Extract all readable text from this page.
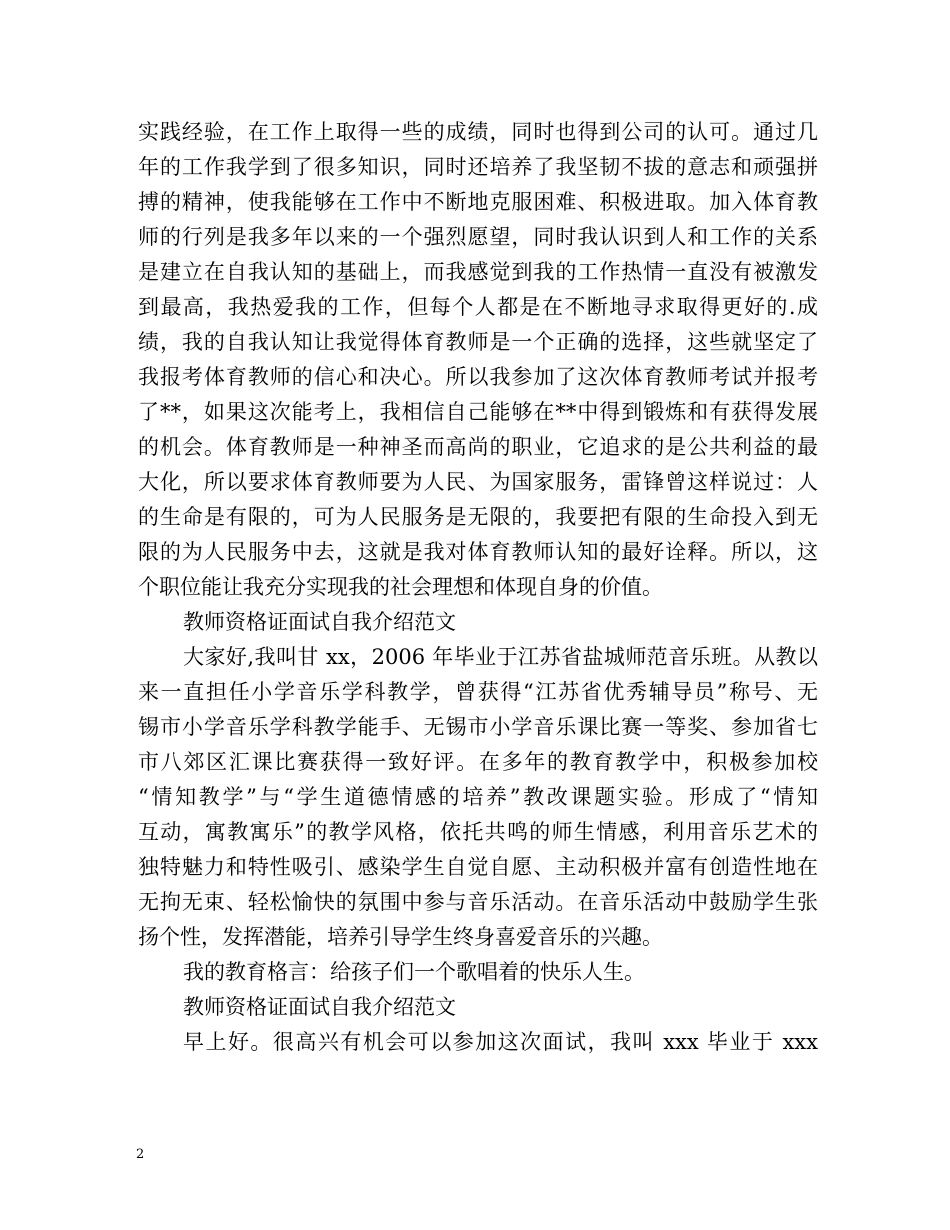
实践经验，在工作上取得一些的成绩，同时也得到公司的认可。通过几
年的工作我学到了很多知识，同时还培养了我坚韧不拔的意志和顽强拼
搏的精神，使我能够在工作中不断地克服困难、积极进取。加入体育教
师的行列是我多年以来的一个强烈愿望，同时我认识到人和工作的关系
是建立在自我认知的基础上，而我感觉到我的工作热情一直没有被激发
到最高，我热爱我的工作，但每个人都是在不断地寻求取得更好的.成
绩，我的自我认知让我觉得体育教师是一个正确的选择，这些就坚定了
我报考体育教师的信心和决心。所以我参加了这次体育教师考试并报考
了**，如果这次能考上，我相信自己能够在**中得到锻炼和有获得发展
的机会。体育教师是一种神圣而高尚的职业，它追求的是公共利益的最
大化，所以要求体育教师要为人民、为国家服务，雷锋曾这样说过：人
的生命是有限的，可为人民服务是无限的，我要把有限的生命投入到无
限的为人民服务中去，这就是我对体育教师认知的最好诠释。所以，这
个职位能让我充分实现我的社会理想和体现自身的价值。
教师资格证面试自我介绍范文
大家好,我叫甘 xx，2006 年毕业于江苏省盐城师范音乐班。从教以
来一直担任小学音乐学科教学，曾获得“江苏省优秀辅导员”称号、无
锡市小学音乐学科教学能手、无锡市小学音乐课比赛一等奖、参加省七
市八郊区汇课比赛获得一致好评。在多年的教育教学中，积极参加校
“情知教学”与“学生道德情感的培养”教改课题实验。形成了“情知
互动，寓教寓乐”的教学风格，依托共鸣的师生情感，利用音乐艺术的
独特魅力和特性吸引、感染学生自觉自愿、主动积极并富有创造性地在
无拘无束、轻松愉快的氛围中参与音乐活动。在音乐活动中鼓励学生张
扬个性，发挥潜能，培养引导学生终身喜爱音乐的兴趣。
我的教育格言：给孩子们一个歌唱着的快乐人生。
教师资格证面试自我介绍范文
早上好。很高兴有机会可以参加这次面试，我叫 xxx 毕业于 xxx
2
